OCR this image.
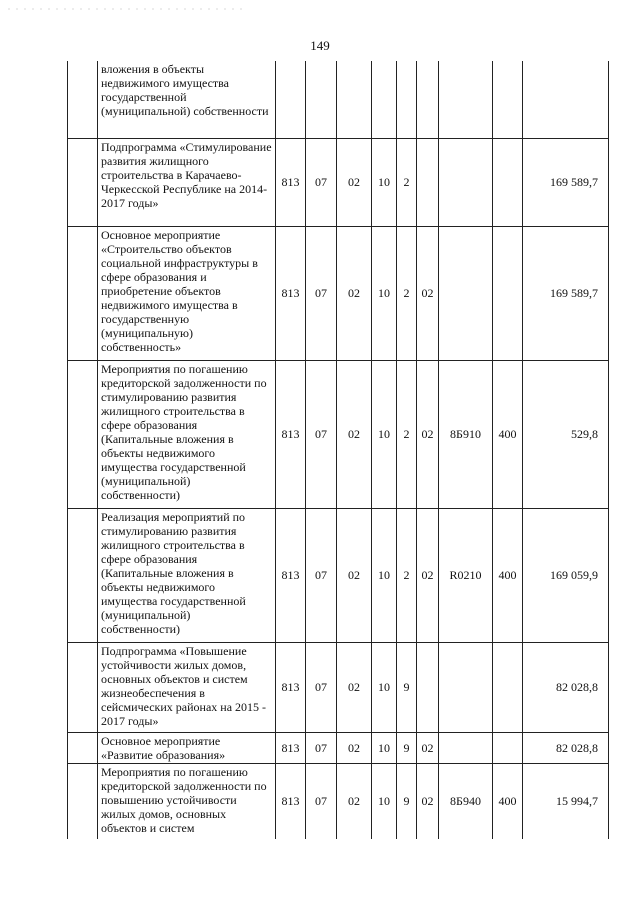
149
	вложения в объекты недвижимого имущества государственной (муниципальной) собственности									
	Подпрограмма «Стимулирование развития жилищного строительства в Карачаево-Черкесской Республике на 2014-2017 годы»	813	07	02	10	2				169 589,7
	Основное мероприятие «Строительство объектов социальной инфраструктуры в сфере образования и приобретение объектов недвижимого имущества в государственную (муниципальную) собственность»	813	07	02	10	2	02			169 589,7
	Мероприятия по погашению кредиторской задолженности по стимулированию развития жилищного строительства в сфере образования (Капитальные вложения в объекты недвижимого имущества государственной (муниципальной) собственности)	813	07	02	10	2	02	8Б910	400	529,8
	Реализация мероприятий по стимулированию развития жилищного строительства в сфере образования (Капитальные вложения в объекты недвижимого имущества государственной (муниципальной) собственности)	813	07	02	10	2	02	R0210	400	169 059,9
	Подпрограмма «Повышение устойчивости жилых домов, основных объектов и систем жизнеобеспечения в сейсмических районах на 2015 - 2017 годы»	813	07	02	10	9				82 028,8
	Основное мероприятие «Развитие образования»	813	07	02	10	9	02			82 028,8
	Мероприятия по погашению кредиторской задолженности по повышению устойчивости жилых домов, основных объектов и систем	813	07	02	10	9	02	8Б940	400	15 994,7
